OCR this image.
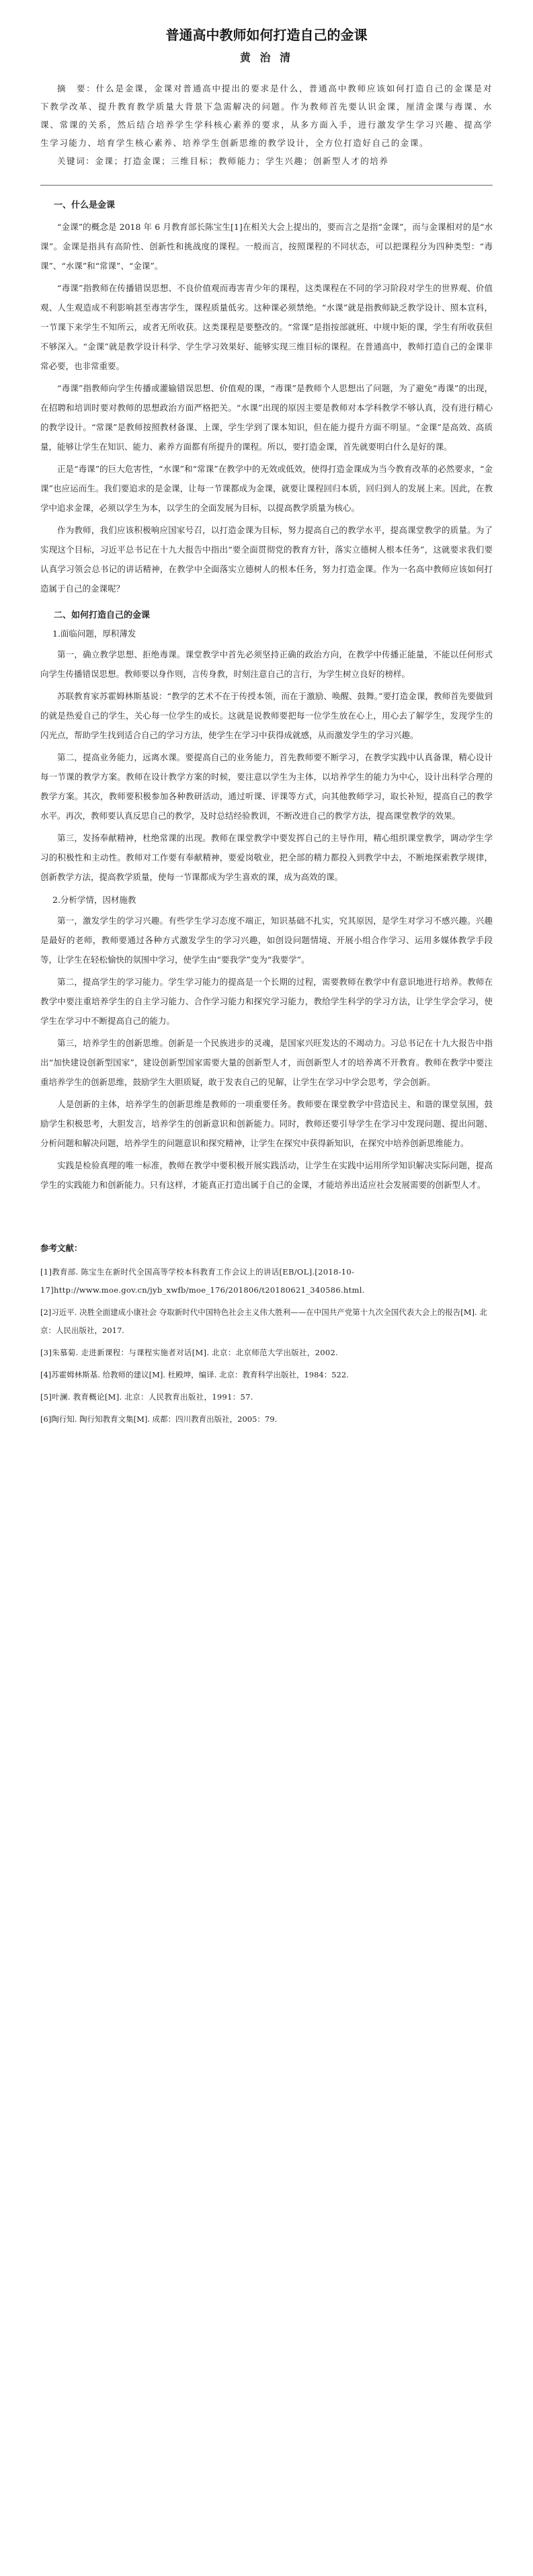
普通高中教师如何打造自己的金课
黄 治 清

摘　要：什么是金课，金课对普通高中提出的要求是什么，普通高中教师应该如何打造自己的金课是对下教学改革、提升教育教学质量大背景下急需解决的问题。作为教师首先要认识金课，厘清金课与毒课、水课、常课的关系，然后结合培养学生学科核心素养的要求，从多方面入手，进行激发学生学习兴趣、提高学生学习能力、培育学生核心素养、培养学生创新思维的教学设计，全方位打造好自己的金课。

关键词：金课；打造金课；三维目标；教师能力；学生兴趣；创新型人才的培养

一、什么是金课

“金课”的概念是 2018 年 6 月教育部长陈宝生[1]在相关大会上提出的，要而言之是指“金课”，而与金课相对的是“水课”。金课是指具有高阶性、创新性和挑战度的课程。一般而言，按照课程的不同状态，可以把课程分为四种类型：“毒课”、“水课”和“常课”、“金课”。

“毒课”指教师在传播错误思想、不良价值观而毒害青少年的课程，这类课程在不同的学习阶段对学生的世界观、价值观、人生观造成不利影响甚至毒害学生，课程质量低劣。这种课必须禁绝。“水课”就是指教师缺乏教学设计、照本宣科，一节课下来学生不知所云，或者无所收获。这类课程是要整改的。“常课”是指按部就班、中规中矩的课，学生有所收获但不够深入。“金课”就是教学设计科学、学生学习效果好、能够实现三维目标的课程。在普通高中，教师打造自己的金课非常必要，也非常重要。

“毒课”指教师向学生传播或灌输错误思想、价值观的课，“毒课”是教师个人思想出了问题，为了避免“毒课”的出现，在招聘和培训时要对教师的思想政治方面严格把关。“水课”出现的原因主要是教师对本学科教学不够认真，没有进行精心的教学设计。“常课”是教师按照教材备课、上课，学生学到了课本知识，但在能力提升方面不明显。“金课”是高效、高质量，能够让学生在知识、能力、素养方面都有所提升的课程。所以，要打造金课，首先就要明白什么是好的课。

正是“毒课”的巨大危害性，“水课”和“常课”在教学中的无效或低效，使得打造金课成为当今教育改革的必然要求，“金课”也应运而生。我们要追求的是金课，让每一节课都成为金课，就要让课程回归本质，回归到人的发展上来。因此，在教学中追求金课，必须以学生为本，以学生的全面发展为目标，以提高教学质量为核心。

作为教师，我们应该积极响应国家号召，以打造金课为目标，努力提高自己的教学水平，提高课堂教学的质量。为了实现这个目标，习近平总书记在十九大报告中指出“要全面贯彻党的教育方针，落实立德树人根本任务”，这就要求我们要认真学习领会总书记的讲话精神，在教学中全面落实立德树人的根本任务，努力打造金课。作为一名高中教师应该如何打造属于自己的金课呢？

二、如何打造自己的金课
1.面临问题，厚积薄发

第一，确立教学思想、拒绝毒课。课堂教学中首先必须坚持正确的政治方向，在教学中传播正能量，不能以任何形式向学生传播错误思想。教师要以身作则，言传身教，时刻注意自己的言行，为学生树立良好的榜样。

苏联教育家苏霍姆林斯基说：“教学的艺术不在于传授本领，而在于激励、唤醒、鼓舞。”要打造金课，教师首先要做到的就是热爱自己的学生，关心每一位学生的成长。这就是说教师要把每一位学生放在心上，用心去了解学生，发现学生的闪光点，帮助学生找到适合自己的学习方法，使学生在学习中获得成就感，从而激发学生的学习兴趣。

第二，提高业务能力，远离水课。要提高自己的业务能力，首先教师要不断学习，在教学实践中认真备课，精心设计每一节课的教学方案。教师在设计教学方案的时候，要注意以学生为主体，以培养学生的能力为中心，设计出科学合理的教学方案。其次，教师要积极参加各种教研活动，通过听课、评课等方式，向其他教师学习，取长补短，提高自己的教学水平。再次，教师要认真反思自己的教学，及时总结经验教训，不断改进自己的教学方法，提高课堂教学的效果。

第三，发扬奉献精神，杜绝常课的出现。教师在课堂教学中要发挥自己的主导作用，精心组织课堂教学，调动学生学习的积极性和主动性。教师对工作要有奉献精神，要爱岗敬业，把全部的精力都投入到教学中去，不断地探索教学规律，创新教学方法，提高教学质量，使每一节课都成为学生喜欢的课，成为高效的课。

2.分析学情，因材施教

第一，激发学生的学习兴趣。有些学生学习态度不端正，知识基础不扎实，究其原因，是学生对学习不感兴趣。兴趣是最好的老师，教师要通过各种方式激发学生的学习兴趣，如创设问题情境、开展小组合作学习、运用多媒体教学手段等，让学生在轻松愉快的氛围中学习，使学生由“要我学”变为“我要学”。

第二，提高学生的学习能力。学生学习能力的提高是一个长期的过程，需要教师在教学中有意识地进行培养。教师在教学中要注重培养学生的自主学习能力、合作学习能力和探究学习能力，教给学生科学的学习方法，让学生学会学习，使学生在学习中不断提高自己的能力。

第三，培养学生的创新思维。创新是一个民族进步的灵魂，是国家兴旺发达的不竭动力。习总书记在十九大报告中指出“加快建设创新型国家”，建设创新型国家需要大量的创新型人才，而创新型人才的培养离不开教育。教师在教学中要注重培养学生的创新思维，鼓励学生大胆质疑，敢于发表自己的见解，让学生在学习中学会思考，学会创新。

人是创新的主体，培养学生的创新思维是教师的一项重要任务。教师要在课堂教学中营造民主、和谐的课堂氛围，鼓励学生积极思考，大胆发言，培养学生的创新意识和创新能力。同时，教师还要引导学生在学习中发现问题、提出问题、分析问题和解决问题，培养学生的问题意识和探究精神，让学生在探究中获得新知识，在探究中培养创新思维能力。

实践是检验真理的唯一标准，教师在教学中要积极开展实践活动，让学生在实践中运用所学知识解决实际问题，提高学生的实践能力和创新能力。只有这样，才能真正打造出属于自己的金课，才能培养出适应社会发展需要的创新型人才。

参考文献：

[1]教育部. 陈宝生在新时代全国高等学校本科教育工作会议上的讲话[EB/OL].[2018-10-17]http://www.moe.gov.cn/jyb_xwfb/moe_176/201806/t20180621_340586.html.

[2]习近平. 决胜全面建成小康社会 夺取新时代中国特色社会主义伟大胜利——在中国共产党第十九次全国代表大会上的报告[M]. 北京：人民出版社，2017.

[3]朱慕菊. 走进新课程：与课程实施者对话[M]. 北京：北京师范大学出版社，2002.

[4]苏霍姆林斯基. 给教师的建议[M]. 杜殿坤，编译. 北京：教育科学出版社，1984：522.

[5]叶澜. 教育概论[M]. 北京：人民教育出版社，1991：57.

[6]陶行知. 陶行知教育文集[M]. 成都：四川教育出版社，2005：79.
